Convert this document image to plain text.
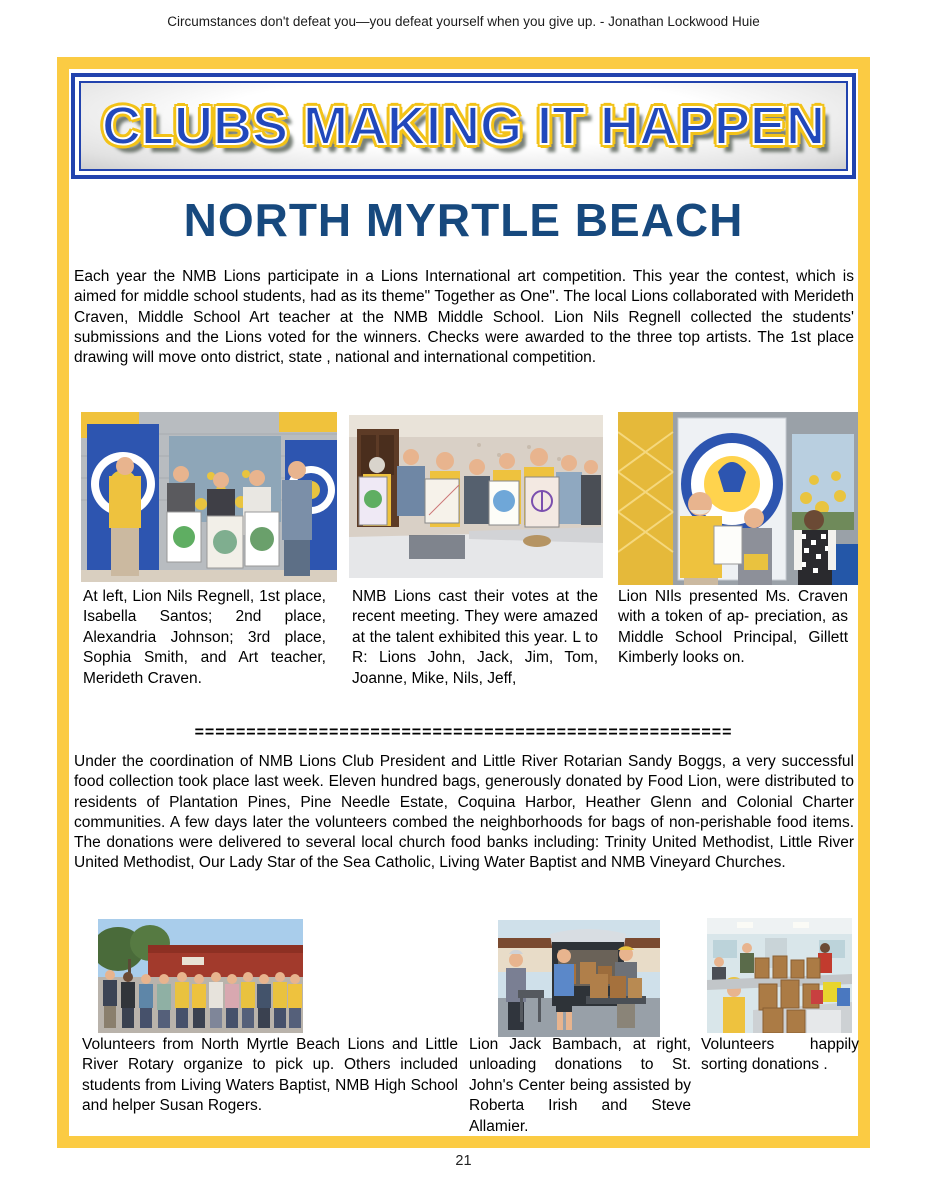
Circumstances don't defeat you—you defeat yourself when you give up. - Jonathan Lockwood Huie
CLUBS MAKING IT HAPPEN
NORTH MYRTLE BEACH

Each year the NMB Lions participate in a Lions International art competition. This year the contest, which is aimed for middle school students, had as its theme" Together as One". The local Lions collaborated with Merideth Craven, Middle School Art teacher at the NMB Middle School. Lion Nils Regnell collected the students' submissions and the Lions voted for the winners. Checks were awarded to the three top artists. The 1st place drawing will move onto district, state , national and international competition.

At left, Lion Nils Regnell, 1st place, Isabella Santos; 2nd place, Alexandria Johnson; 3rd place, Sophia Smith, and Art teacher, Merideth Craven.

NMB Lions cast their votes at the recent meeting. They were amazed at the talent exhibited this year. L to R: Lions John, Jack, Jim, Tom, Joanne, Mike, Nils, Jeff,

Lion NIls presented Ms. Craven with a token of ap- preciation, as Middle School Principal, Gillett Kimberly looks on.

====================================================

Under the coordination of NMB Lions Club President and Little River Rotarian Sandy Boggs, a very successful food collection took place last week. Eleven hundred bags, generously donated by Food Lion, were distributed to residents of Plantation Pines, Pine Needle Estate, Coquina Harbor, Heather Glenn and Colonial Charter communities. A few days later the volunteers combed the neighborhoods for bags of non-perishable food items. The donations were delivered to several local church food banks including: Trinity United Methodist, Little River United Methodist, Our Lady Star of the Sea Catholic, Living Water Baptist and NMB Vineyard Churches.

Volunteers from North Myrtle Beach Lions and Little River Rotary organize to pick up. Others included students from Living Waters Baptist, NMB High School and helper Susan Rogers.

Lion Jack Bambach, at right, unloading donations to St. John's Center being assisted by Roberta Irish and Steve Allamier.

Volunteers happily sorting donations .

21
